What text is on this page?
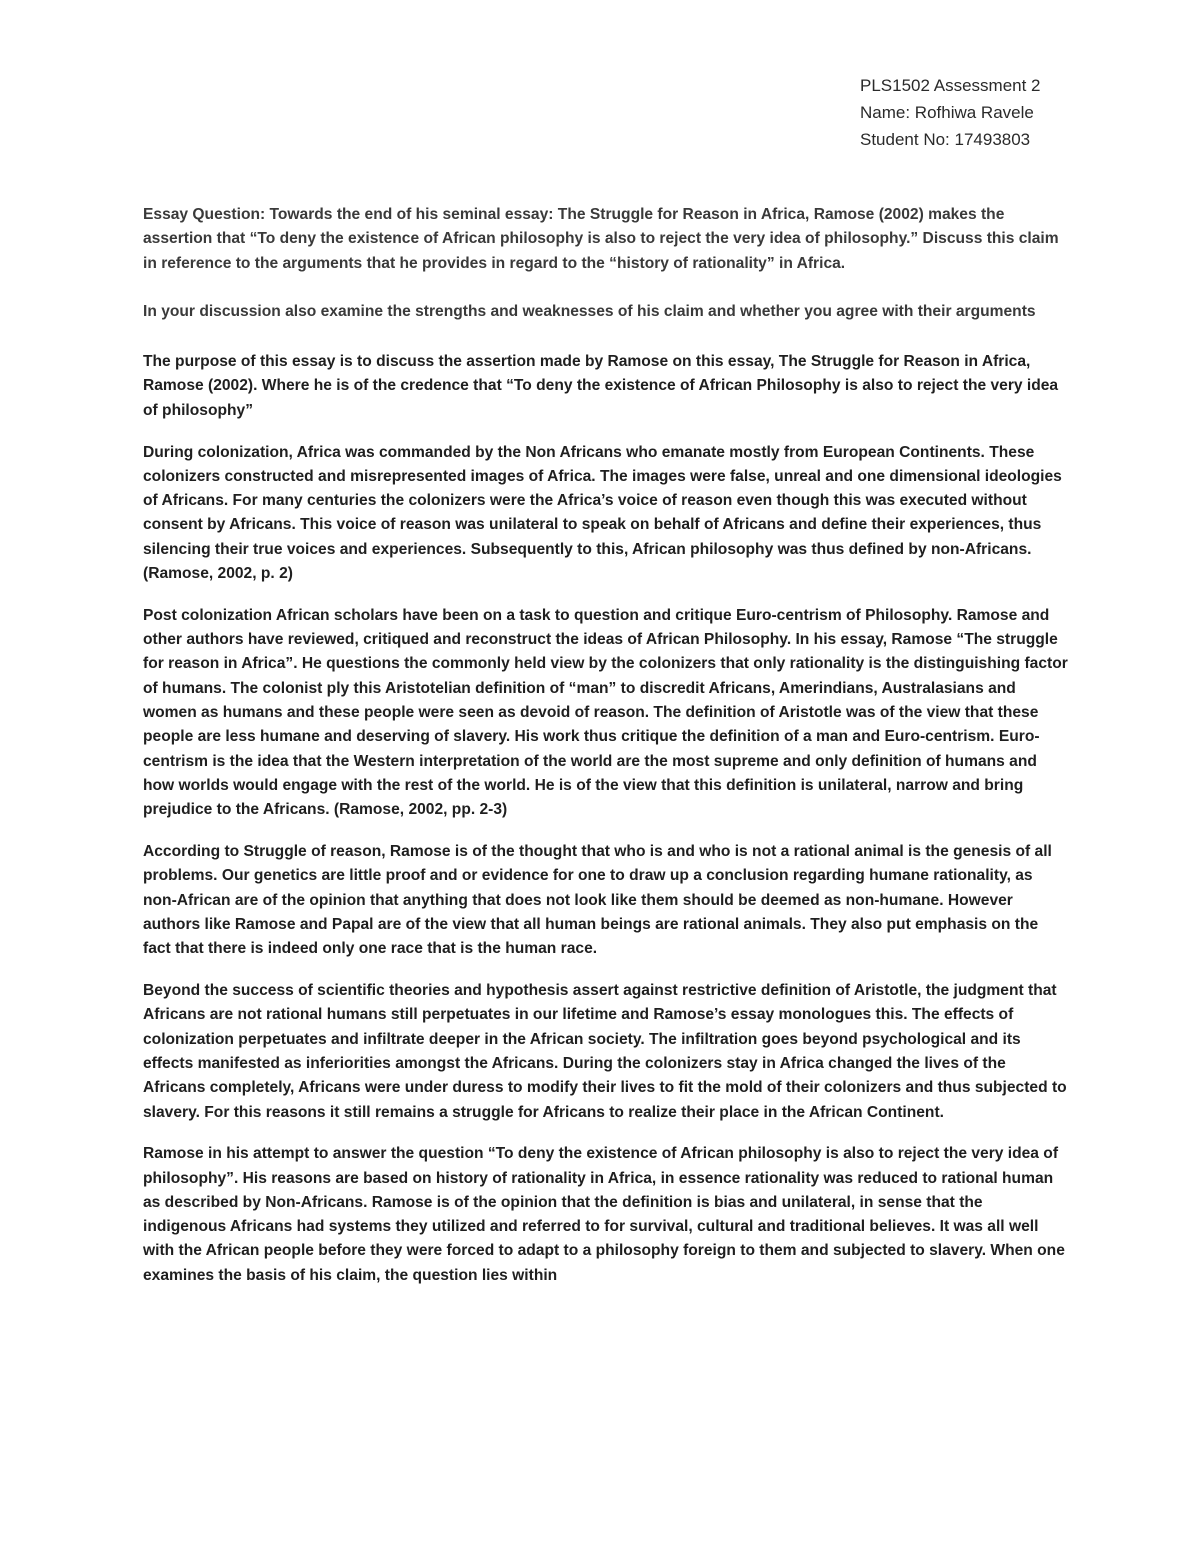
PLS1502 Assessment 2
Name: Rofhiwa Ravele
Student No: 17493803

Essay Question: Towards the end of his seminal essay: The Struggle for Reason in Africa, Ramose (2002) makes the assertion that “To deny the existence of African philosophy is also to reject the very idea of philosophy.” Discuss this claim in reference to the arguments that he provides in regard to the “history of rationality” in Africa.

In your discussion also examine the strengths and weaknesses of his claim and whether you agree with their arguments

The purpose of this essay is to discuss the assertion made by Ramose on this essay, The Struggle for Reason in Africa, Ramose (2002). Where he is of the credence that “To deny the existence of African Philosophy is also to reject the very idea of philosophy”

During colonization, Africa was commanded by the Non Africans who emanate mostly from European Continents. These colonizers constructed and misrepresented images of Africa. The images were false, unreal and one dimensional ideologies of Africans. For many centuries the colonizers were the Africa’s voice of reason even though this was executed without consent by Africans. This voice of reason was unilateral to speak on behalf of Africans and define their experiences, thus silencing their true voices and experiences. Subsequently to this, African philosophy was thus defined by non-Africans. (Ramose, 2002, p. 2)

Post colonization African scholars have been on a task to question and critique Euro-centrism of Philosophy. Ramose and other authors have reviewed, critiqued and reconstruct the ideas of African Philosophy. In his essay, Ramose “The struggle for reason in Africa”. He questions the commonly held view by the colonizers that only rationality is the distinguishing factor of humans. The colonist ply this Aristotelian definition of “man” to discredit Africans, Amerindians, Australasians and women as humans and these people were seen as devoid of reason. The definition of Aristotle was of the view that these people are less humane and deserving of slavery. His work thus critique the definition of a man and Euro-centrism. Euro-centrism is the idea that the Western interpretation of the world are the most supreme and only definition of humans and how worlds would engage with the rest of the world. He is of the view that this definition is unilateral, narrow and bring prejudice to the Africans. (Ramose, 2002, pp. 2-3)

According to Struggle of reason, Ramose is of the thought that who is and who is not a rational animal is the genesis of all problems. Our genetics are little proof and or evidence for one to draw up a conclusion regarding humane rationality, as non-African are of the opinion that anything that does not look like them should be deemed as non-humane. However authors like Ramose and Papal are of the view that all human beings are rational animals. They also put emphasis on the fact that there is indeed only one race that is the human race.

Beyond the success of scientific theories and hypothesis assert against restrictive definition of Aristotle, the judgment that Africans are not rational humans still perpetuates in our lifetime and Ramose’s essay monologues this. The effects of colonization perpetuates and infiltrate deeper in the African society. The infiltration goes beyond psychological and its effects manifested as inferiorities amongst the Africans. During the colonizers stay in Africa changed the lives of the Africans completely, Africans were under duress to modify their lives to fit the mold of their colonizers and thus subjected to slavery. For this reasons it still remains a struggle for Africans to realize their place in the African Continent.

Ramose in his attempt to answer the question “To deny the existence of African philosophy is also to reject the very idea of philosophy”. His reasons are based on history of rationality in Africa, in essence rationality was reduced to rational human as described by Non-Africans. Ramose is of the opinion that the definition is bias and unilateral, in sense that the indigenous Africans had systems they utilized and referred to for survival, cultural and traditional believes. It was all well with the African people before they were forced to adapt to a philosophy foreign to them and subjected to slavery. When one examines the basis of his claim, the question lies within
